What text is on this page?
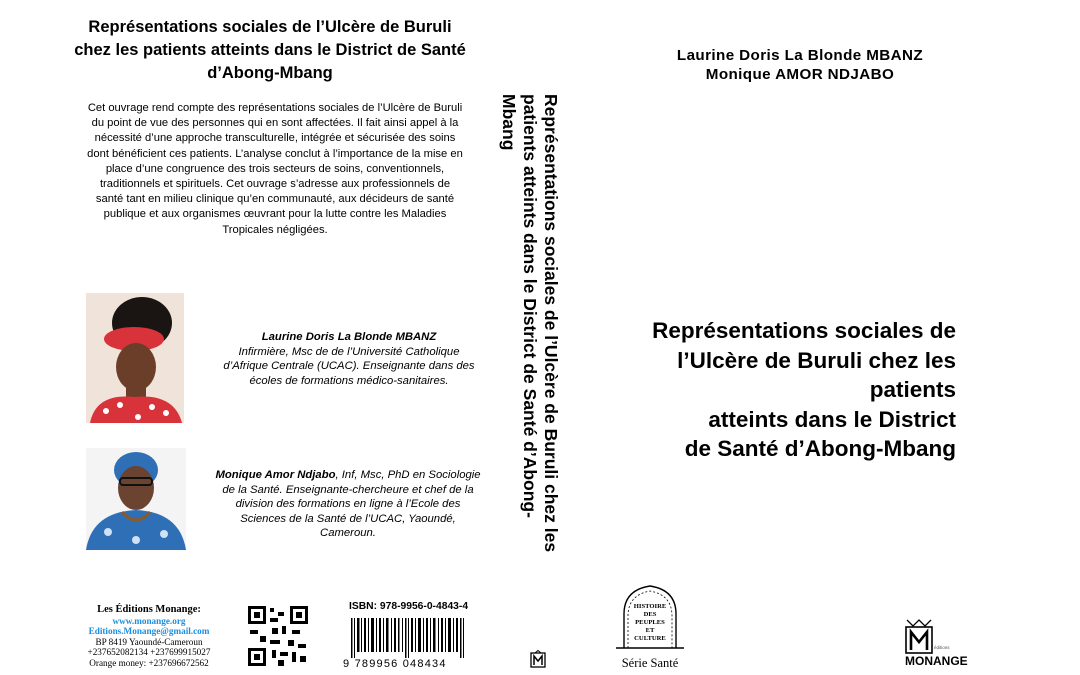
Représentations sociales de l’Ulcère de Buruli
chez les patients atteints dans le District de Santé
d’Abong-Mbang
Cet ouvrage rend compte des représentations sociales de l’Ulcère de Buruli du point de vue des personnes qui en sont affectées. Il fait ainsi appel à la nécessité d’une approche transculturelle, intégrée et sécurisée des soins dont bénéficient ces patients. L’analyse conclut à l’importance de la mise en place d’une congruence des trois secteurs de soins, conventionnels, traditionnels et spirituels. Cet ouvrage s’adresse aux professionnels de santé tant en milieu clinique qu’en communauté, aux décideurs de santé publique et aux organismes œuvrant pour la lutte contre les Maladies Tropicales négligées.
Laurine Doris La Blonde MBANZ
Infirmière, Msc de de l’Université Catholique d’Afrique Centrale (UCAC). Enseignante dans des écoles de formations médico-sanitaires.
Monique Amor Ndjabo, Inf, Msc, PhD en Sociologie de la Santé. Enseignante-chercheure et chef de la division des formations en ligne à l’Ecole des Sciences de la Santé de l’UCAC, Yaoundé, Cameroun.
Les Éditions Monange:
www.monange.org
Editions.Monange@gmail.com
BP 8419 Yaoundé-Cameroun
+237652082134 +237699915027
Orange money: +237696672562
ISBN: 978-9956-0-4843-4
9 789956 048434
Représentations sociales de l’Ulcère de Buruli chez les
patients atteints dans le District de Santé d’Abong-Mbang
Laurine Doris La Blonde MBANZ
Monique AMOR NDJABO
Représentations sociales de
l’Ulcère de Buruli chez les patients
atteints dans le District
de Santé d’Abong-Mbang
HISTOIRE
DES
PEUPLES
ET
CULTURE
Série Santé
éditions
MONANGE
